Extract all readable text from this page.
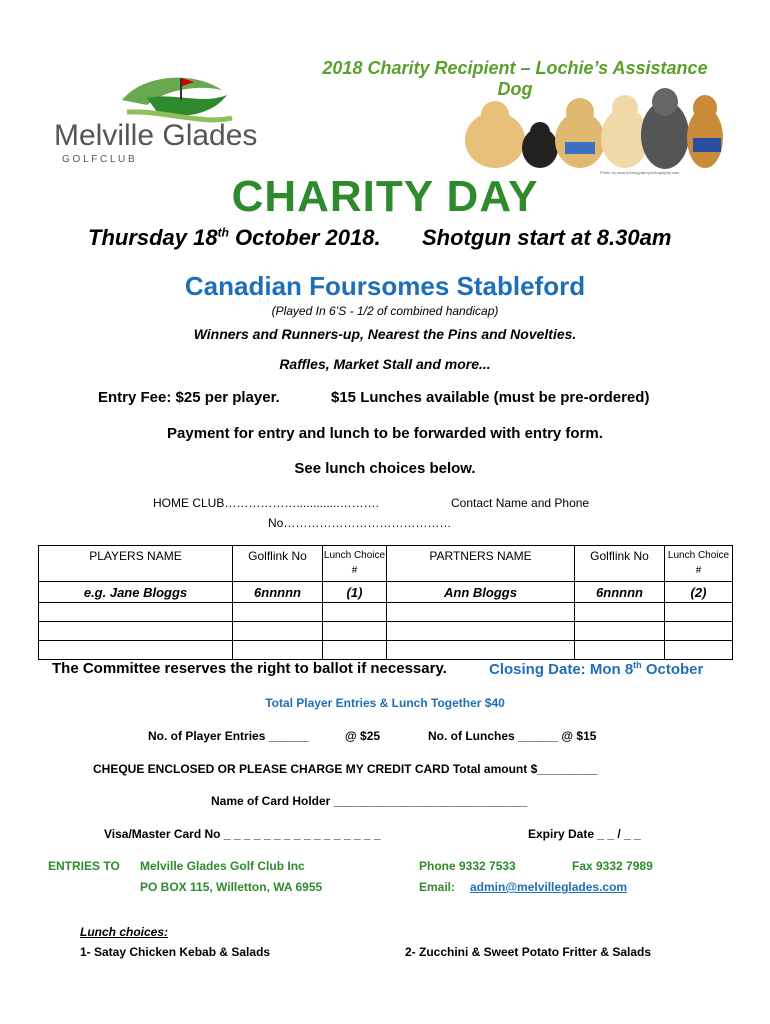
Melville Glades
G O L F C L U B
2018 Charity Recipient – Lochie’s Assistance Dog
Photo by www.iphotographyrhotography.com
CHARITY DAY
Thursday 18th October 2018. Shotgun start at 8.30am
Canadian Foursomes Stableford
(Played In 6’S - 1/2 of combined handicap)
Winners and Runners-up, Nearest the Pins and Novelties.
Raffles, Market Stall and more...
Entry Fee: $25 per player.	$15 Lunches available (must be pre-ordered)
Payment for entry and lunch to be forwarded with entry form.
See lunch choices below.
HOME CLUB……………….............……….	Contact Name and Phone
No……………………………………
PLAYERS NAME	Golflink No	Lunch Choice #	PARTNERS NAME	Golflink No	Lunch Choice #
e.g. Jane Bloggs	6nnnnn	(1)	Ann Bloggs	6nnnnn	(2)

The Committee reserves the right to ballot if necessary.	Closing Date: Mon 8th October
Total Player Entries & Lunch Together $40
No. of Player Entries ______	@ $25	No. of Lunches ______ @ $15
CHEQUE ENCLOSED OR PLEASE CHARGE MY CREDIT CARD Total amount $_________
Name of Card Holder _____________________________
Visa/Master Card No _ _ _ _ _ _ _ _ _ _ _ _ _ _ _ _	Expiry Date _ _ / _ _
ENTRIES TO Melville Glades Golf Club Inc
PO BOX 115, Willetton, WA 6955
Phone 9332 7533	Fax 9332 7989
Email: admin@melvilleglades.com
Lunch choices:
1- Satay Chicken Kebab & Salads	2- Zucchini & Sweet Potato Fritter & Salads
